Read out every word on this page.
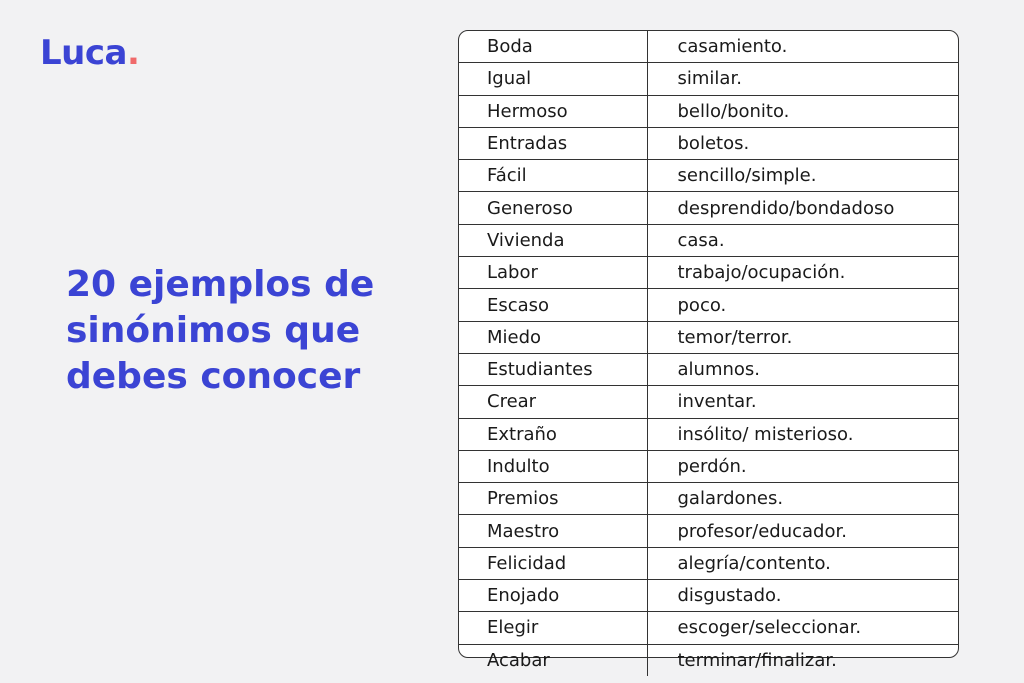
Luca.
20 ejemplos de
sinónimos que
debes conocer
Boda	casamiento.
Igual	similar.
Hermoso	bello/bonito.
Entradas	boletos.
Fácil	sencillo/simple.
Generoso	desprendido/bondadoso
Vivienda	casa.
Labor	trabajo/ocupación.
Escaso	poco.
Miedo	temor/terror.
Estudiantes	alumnos.
Crear	inventar.
Extraño	insólito/ misterioso.
Indulto	perdón.
Premios	galardones.
Maestro	profesor/educador.
Felicidad	alegría/contento.
Enojado	disgustado.
Elegir	escoger/seleccionar.
Acabar	terminar/finalizar.
